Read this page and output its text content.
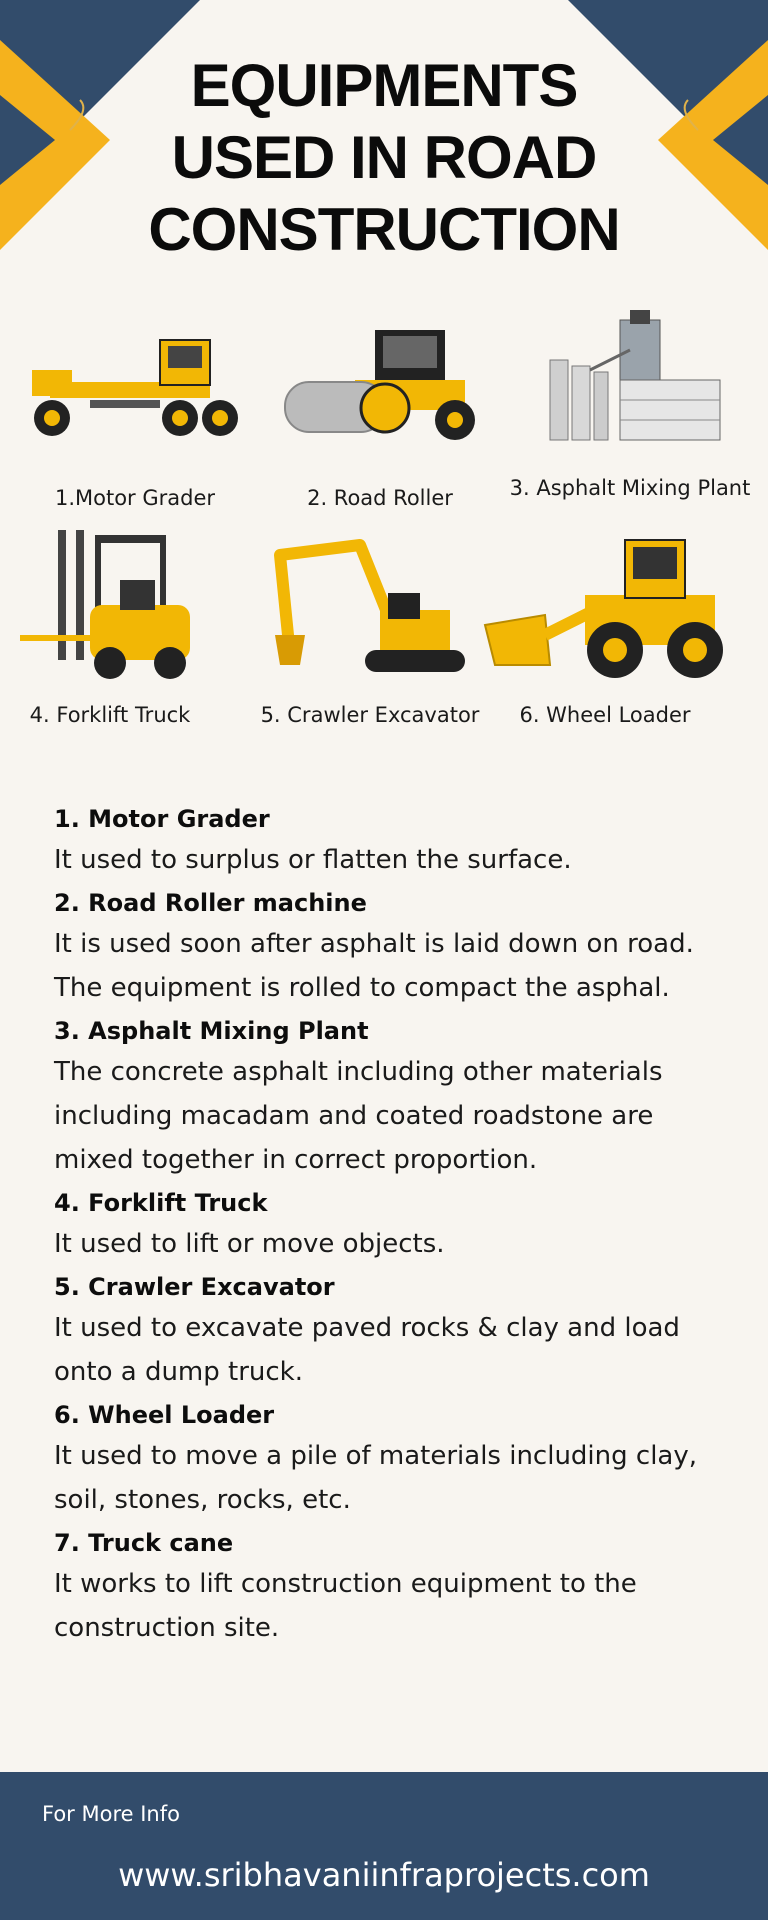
EQUIPMENTS
USED IN ROAD
CONSTRUCTION
1.Motor Grader	2. Road Roller	3. Asphalt Mixing Plant
4. Forklift Truck	5. Crawler Excavator	6. Wheel Loader
1. Motor Grader
It used to surplus or flatten the surface.
2. Road Roller machine
It is used soon after asphalt is laid down on road. The equipment is rolled to compact the asphal.
3. Asphalt Mixing Plant
The concrete asphalt including other materials including macadam and coated roadstone are mixed together in correct proportion.
4. Forklift Truck
It used to lift or move objects.
5. Crawler Excavator
It used to excavate paved rocks & clay and load onto a dump truck.
6. Wheel Loader
It used to move a pile of materials including clay, soil, stones, rocks, etc.
7. Truck cane
It works to lift construction equipment to the construction site.
For More Info
www.sribhavaniinfraprojects.com
